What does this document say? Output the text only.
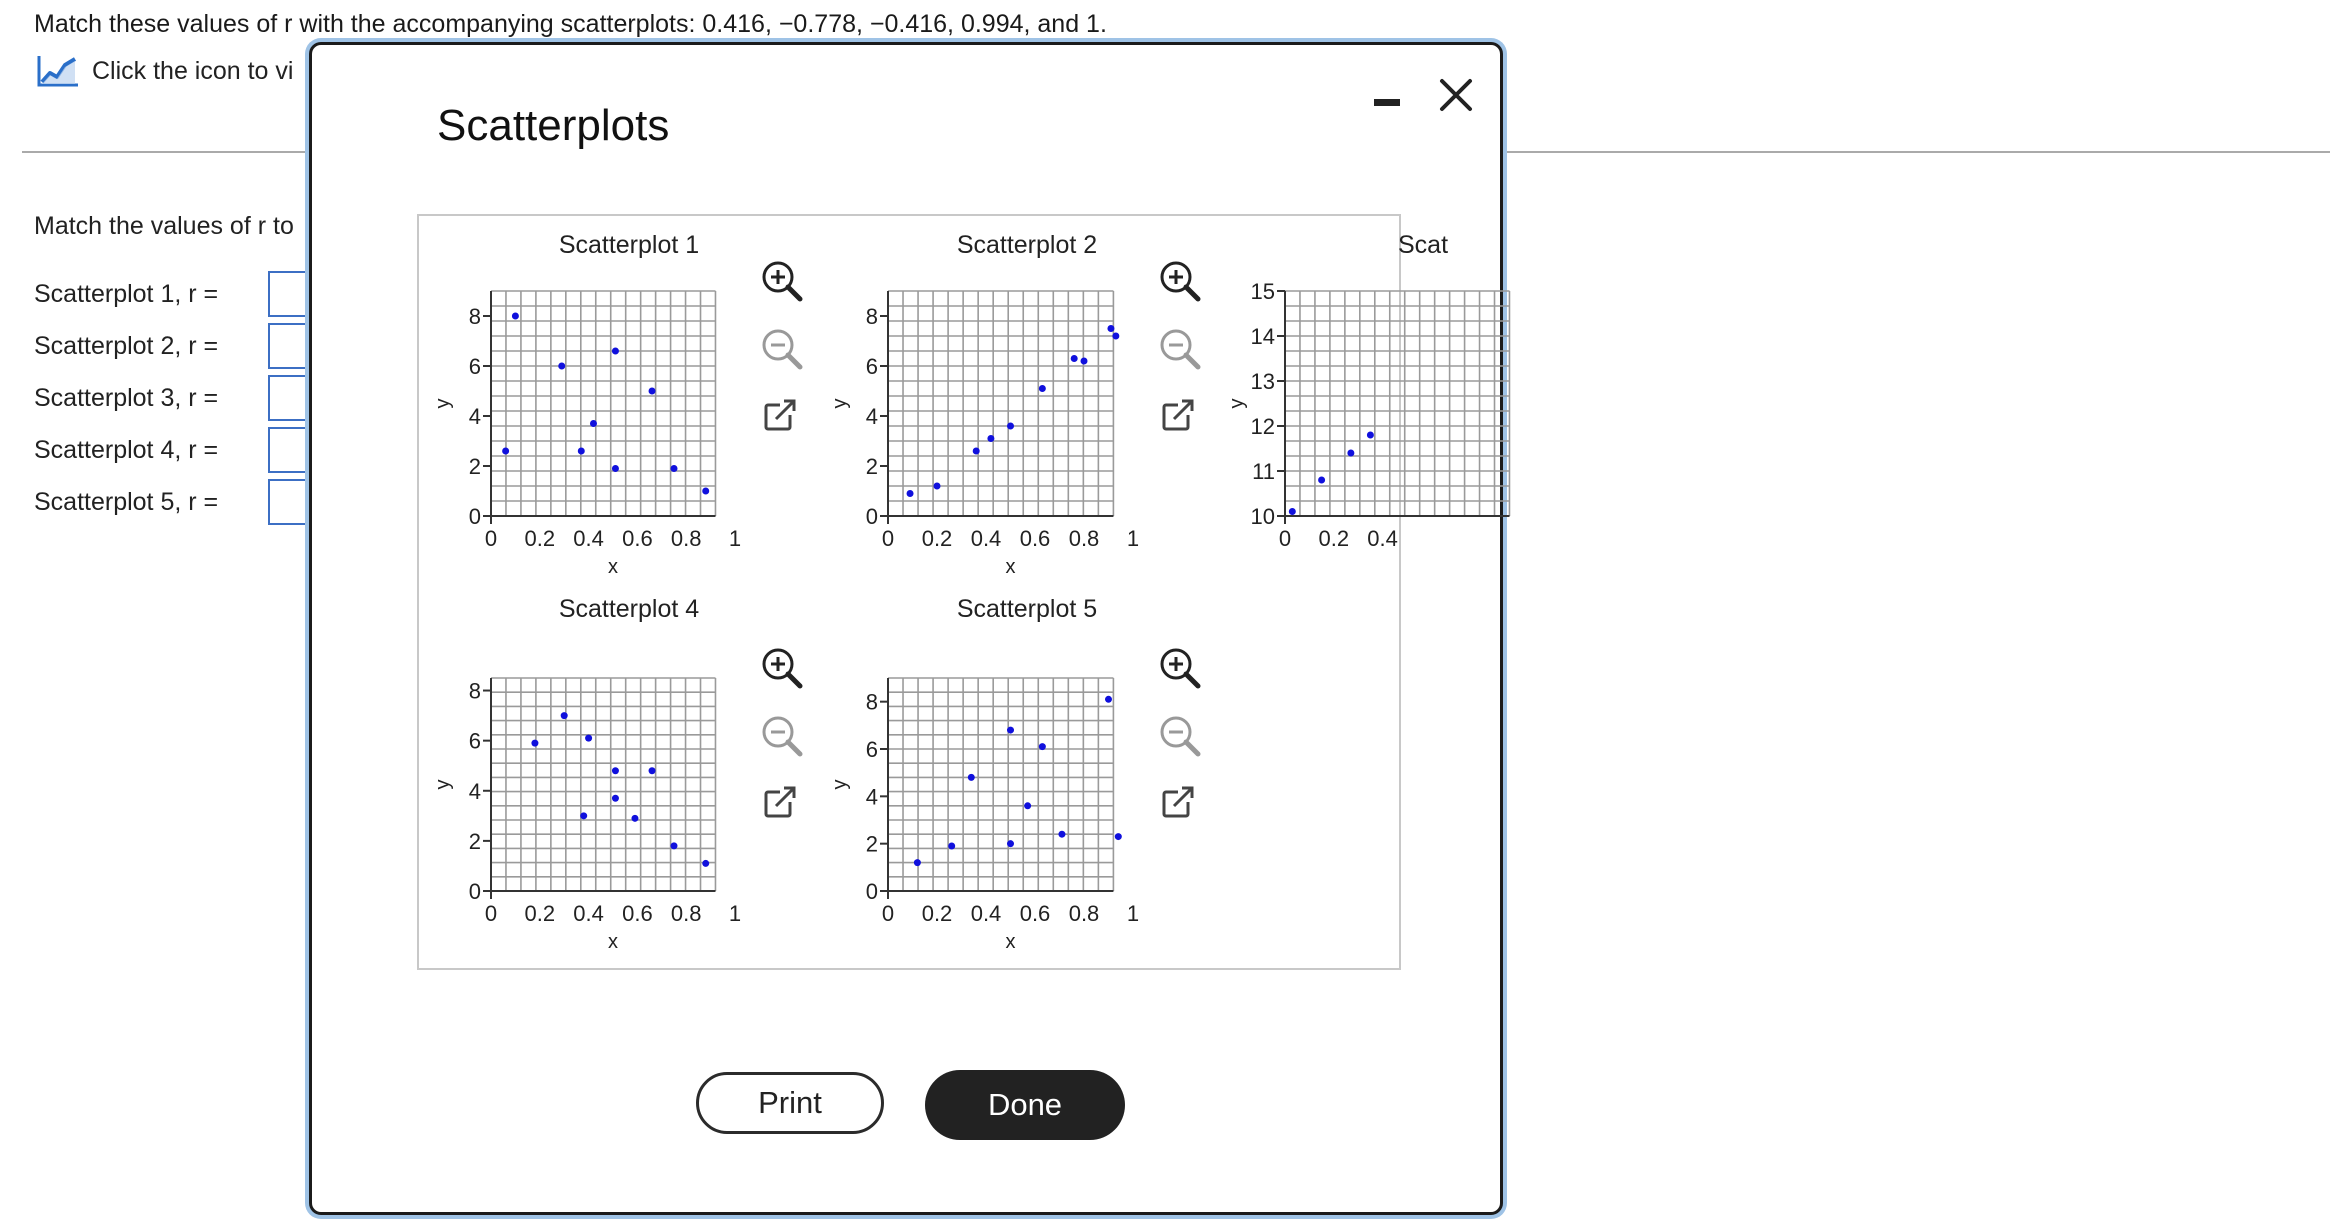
Match these values of r with the accompanying scatterplots: 0.416, −0.778, −0.416, 0.994, and 1.
Click the icon to vi
Match the values of r to
Scatterplot 1, r =
Scatterplot 2, r =
Scatterplot 3, r =
Scatterplot 4, r =
Scatterplot 5, r =
Scatterplots
Scatterplot 1
0 0.2 0.4 0.6 0.8 1
0
2
4
6
8
x
y
Scatterplot 2
0 0.2 0.4 0.6 0.8 1
0
2
4
6
8
x
y
Scat
0 0.2 0.4
10
11
12
13
14
15
y
Scatterplot 4
0 0.2 0.4 0.6 0.8 1
0
2
4
6
8
x
y
Scatterplot 5
0 0.2 0.4 0.6 0.8 1
0
2
4
6
8
x
y
Print	Done
